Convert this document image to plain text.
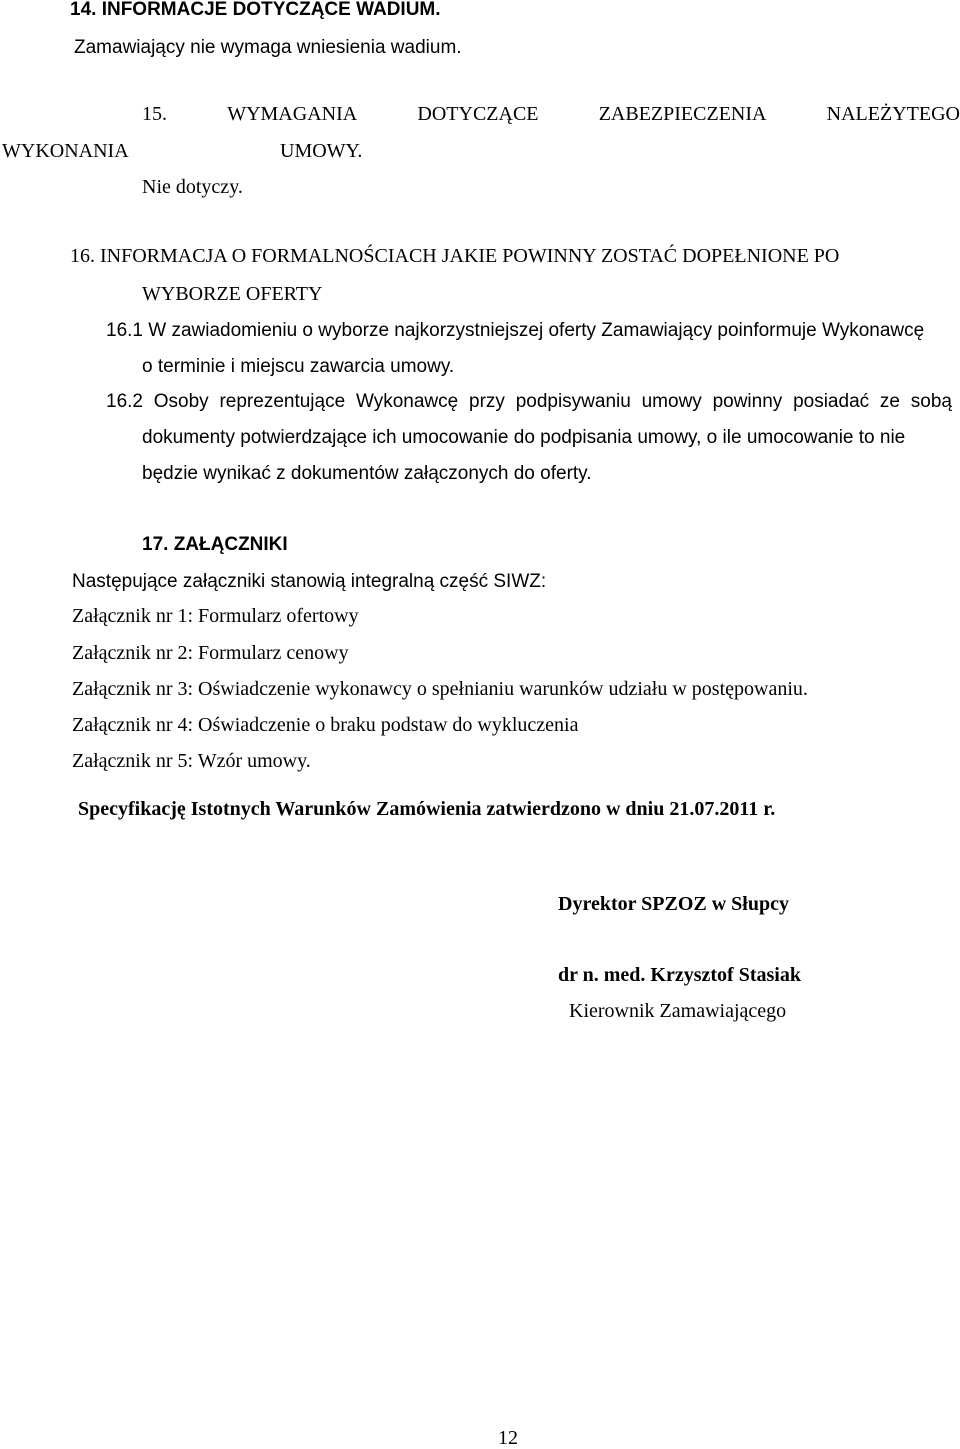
14. INFORMACJE DOTYCZĄCE WADIUM.
Zamawiający nie wymaga wniesienia wadium.
15.	WYMAGANIA	DOTYCZĄCE	ZABEZPIECZENIA	NALEŻYTEGO
WYKONANIA	UMOWY.
Nie dotyczy.
16. INFORMACJA O FORMALNOŚCIACH JAKIE POWINNY ZOSTAĆ DOPEŁNIONE PO
WYBORZE OFERTY
16.1 W zawiadomieniu o wyborze najkorzystniejszej oferty Zamawiający poinformuje Wykonawcę
o terminie i miejscu zawarcia umowy.
16.2 Osoby reprezentujące Wykonawcę przy podpisywaniu umowy powinny posiadać ze sobą
dokumenty potwierdzające ich umocowanie do podpisania umowy, o ile umocowanie to nie
będzie wynikać z dokumentów załączonych do oferty.
17. ZAŁĄCZNIKI
Następujące załączniki stanowią integralną część SIWZ:
Załącznik nr 1: Formularz ofertowy
Załącznik nr 2: Formularz cenowy
Załącznik nr 3: Oświadczenie wykonawcy o spełnianiu warunków udziału w postępowaniu.
Załącznik nr 4: Oświadczenie o braku podstaw do wykluczenia
Załącznik nr 5: Wzór umowy.
Specyfikację Istotnych Warunków Zamówienia zatwierdzono w dniu 21.07.2011 r.
Dyrektor SPZOZ w Słupcy
dr n. med. Krzysztof Stasiak
Kierownik Zamawiającego
12
